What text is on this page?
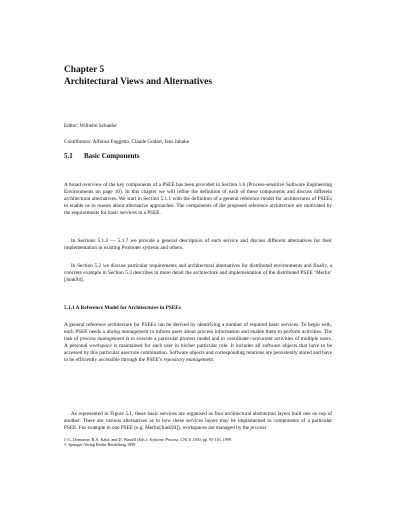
Chapter 5
Architectural Views and Alternatives
Editor: Wilhelm Schaefer
Contributors: Alfonso Fuggetta, Claude Godart, Jens Jahnke
5.1 Basic Components

A broad overview of the key components of a PSEE has been provided in Section 1.6 (Process-sensitive Software Engineering Environments on page 10). In this chapter we will refine the definition of each of these components and discuss different architectural alternatives. We start in Section 5.1.1 with the definition of a general reference model for architectures of PSEEs to enable us to reason about alternative approaches. The components of the proposed reference architecture are motivated by the requirements for basic services in a PSEE.

In Sections 5.1.2 — 5.1.7 we provide a general description of each service and discuss different alternatives for their implementation in existing Promoter systems and others.

In Section 5.2 we discuss particular requirements and architectural alternatives for distributed environments and finally, a concrete example in Section 5.3 describes in more detail the architecture and implementation of the distributed PSEE ‘Merlin’ [Junk94].

5.1.1 A Reference Model for Architectures in PSEEs

A general reference architecture for PSEEs can be derived by identifying a number of required basic services. To begin with, each PSEE needs a dialog management to inform users about process information and enable them to perform activities. The task of process management is to execute a particular process model and to coordinate concurrent activities of multiple users. A personal workspace is maintained for each user in his/her particular role. It includes all software objects that have to be accessed by this particular user/role combination. Software objects and corresponding relations are persistently stored and have to be efficiently accessible through the PSEE’s repository management.

As represented in Figure 5.1, these basic services are organised as four architectural abstraction layers built one on top of another. There are various alternatives as to how these services layers may be implemented in components of a particular PSEE. For example in one PSEE (e.g. Merlin[Junk94]), workspaces are managed by the process

J.-C. Derniame, B.A. Kaba, and D. Wastell (Eds.): Software Process, LNCS 1500, pp. 95-116, 1999.
© Springer-Verlag Berlin Heidelberg 1999
